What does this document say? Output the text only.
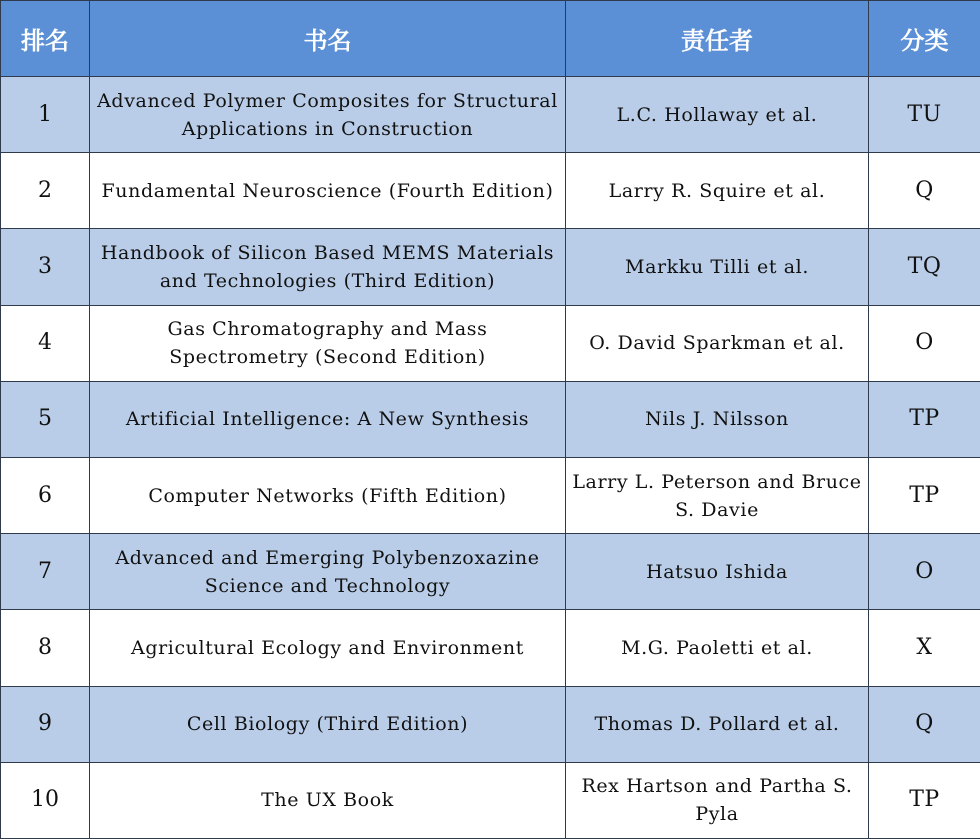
排名	书名	责任者	分类
1	Advanced Polymer Composites for Structural Applications in Construction	L.C. Hollaway et al.	TU
2	Fundamental Neuroscience (Fourth Edition)	Larry R. Squire et al.	Q
3	Handbook of Silicon Based MEMS Materials and Technologies (Third Edition)	Markku Tilli et al.	TQ
4	Gas Chromatography and Mass Spectrometry (Second Edition)	O. David Sparkman et al.	O
5	Artificial Intelligence: A New Synthesis	Nils J. Nilsson	TP
6	Computer Networks (Fifth Edition)	Larry L. Peterson and Bruce S. Davie	TP
7	Advanced and Emerging Polybenzoxazine Science and Technology	Hatsuo Ishida	O
8	Agricultural Ecology and Environment	M.G. Paoletti et al.	X
9	Cell Biology (Third Edition)	Thomas D. Pollard et al.	Q
10	The UX Book	Rex Hartson and Partha S. Pyla	TP
